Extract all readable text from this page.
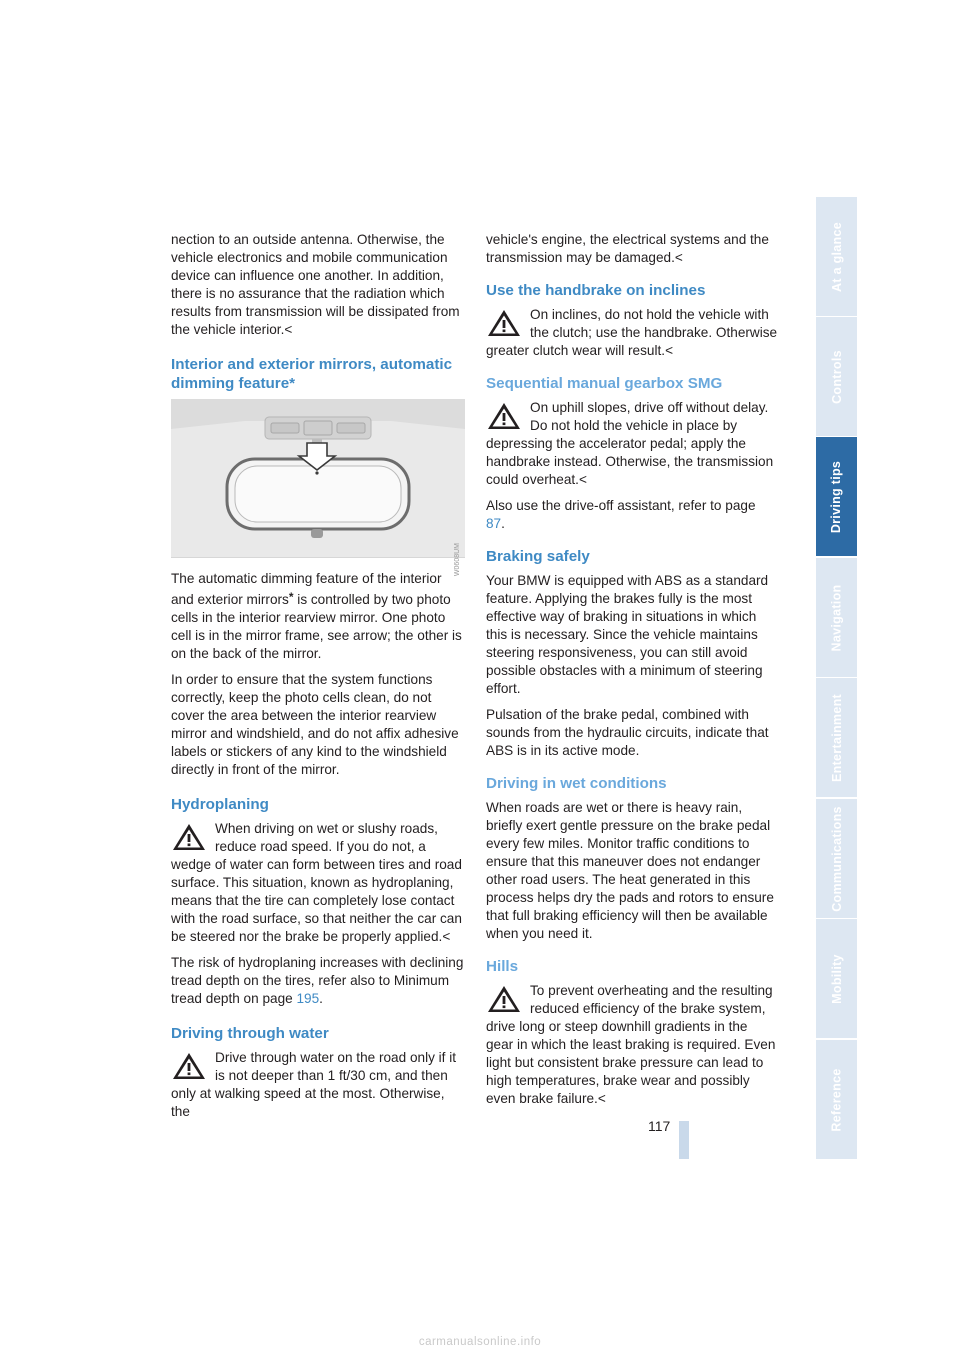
nection to an outside antenna. Otherwise, the vehicle electronics and mobile communication device can influence one another. In addition, there is no assurance that the radiation which results from transmission will be dissipated from the vehicle interior.<

Interior and exterior mirrors, automatic dimming feature*
W0608UM

The automatic dimming feature of the interior and exterior mirrors* is controlled by two photo cells in the interior rearview mirror. One photo cell is in the mirror frame, see arrow; the other is on the back of the mirror.

In order to ensure that the system functions correctly, keep the photo cells clean, do not cover the area between the interior rearview mirror and windshield, and do not affix adhesive labels or stickers of any kind to the windshield directly in front of the mirror.

Hydroplaning

When driving on wet or slushy roads, reduce road speed. If you do not, a wedge of water can form between tires and road surface. This situation, known as hydroplaning, means that the tire can completely lose contact with the road surface, so that neither the car can be steered nor the brake be properly applied.<

The risk of hydroplaning increases with declining tread depth on the tires, refer also to Minimum tread depth on page 195.

Driving through water

Drive through water on the road only if it is not deeper than 1 ft/30 cm, and then only at walking speed at the most. Otherwise, the

vehicle's engine, the electrical systems and the transmission may be damaged.<

Use the handbrake on inclines

On inclines, do not hold the vehicle with the clutch; use the handbrake. Otherwise greater clutch wear will result.<

Sequential manual gearbox SMG

On uphill slopes, drive off without delay. Do not hold the vehicle in place by depressing the accelerator pedal; apply the handbrake instead. Otherwise, the transmission could overheat.<

Also use the drive-off assistant, refer to page 87.

Braking safely

Your BMW is equipped with ABS as a standard feature. Applying the brakes fully is the most effective way of braking in situations in which this is necessary. Since the vehicle maintains steering responsiveness, you can still avoid possible obstacles with a minimum of steering effort.

Pulsation of the brake pedal, combined with sounds from the hydraulic circuits, indicate that ABS is in its active mode.

Driving in wet conditions

When roads are wet or there is heavy rain, briefly exert gentle pressure on the brake pedal every few miles. Monitor traffic conditions to ensure that this maneuver does not endanger other road users. The heat generated in this process helps dry the pads and rotors to ensure that full braking efficiency will then be available when you need it.

Hills

To prevent overheating and the resulting reduced efficiency of the brake system, drive long or steep downhill gradients in the gear in which the least braking is required. Even light but consistent brake pressure can lead to high temperatures, brake wear and possibly even brake failure.<

At a glance
Controls
Driving tips
Navigation
Entertainment
Communications
Mobility
Reference
117
carmanualsonline.info
